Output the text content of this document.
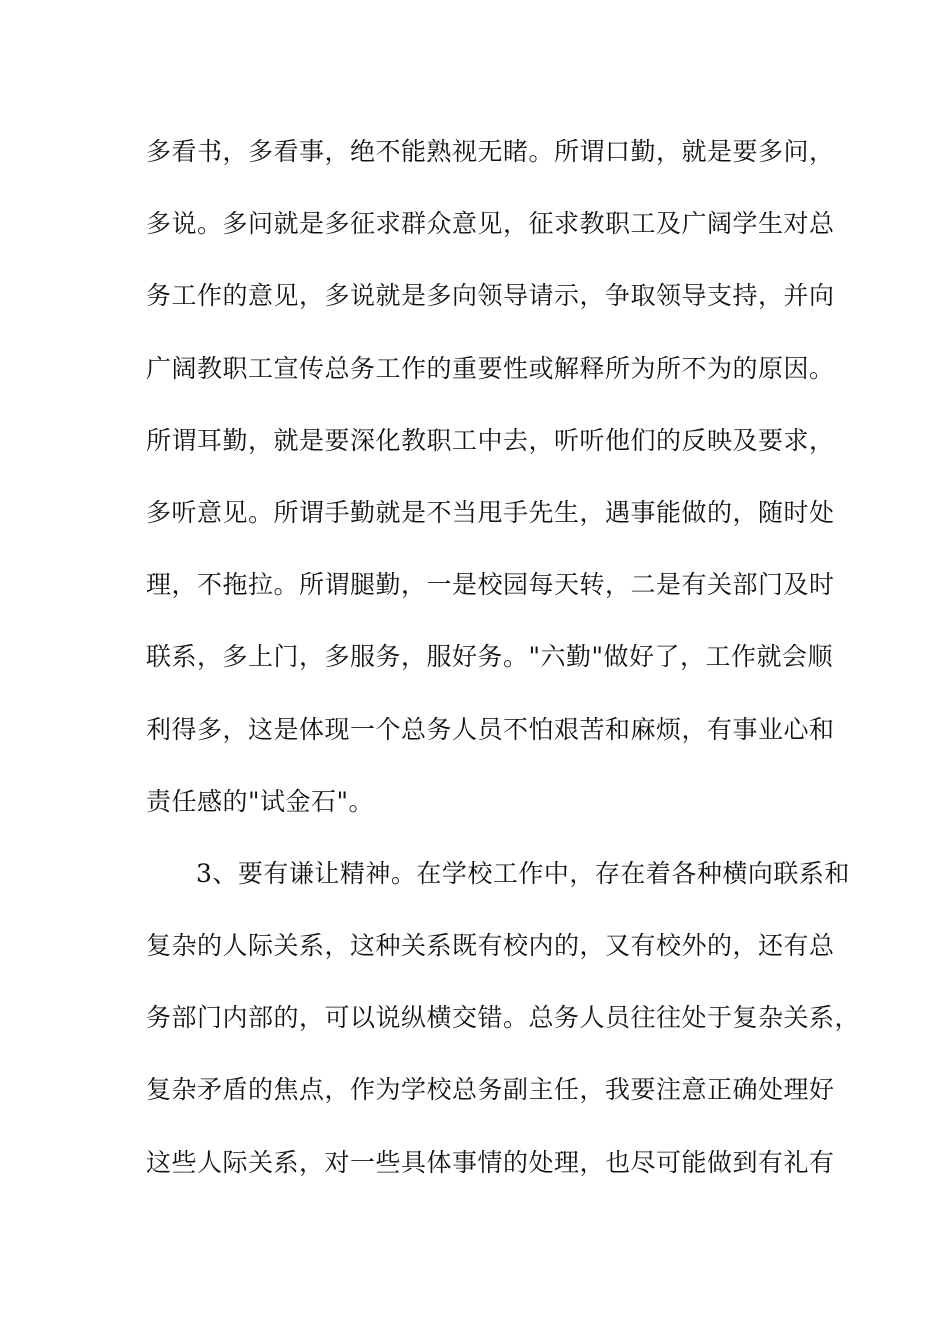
多看书，多看事，绝不能熟视无睹。所谓口勤，就是要多问，
多说。多问就是多征求群众意见，征求教职工及广阔学生对总
务工作的意见，多说就是多向领导请示，争取领导支持，并向
广阔教职工宣传总务工作的重要性或解释所为所不为的原因。
所谓耳勤，就是要深化教职工中去，听听他们的反映及要求，
多听意见。所谓手勤就是不当甩手先生，遇事能做的，随时处
理，不拖拉。所谓腿勤，一是校园每天转，二是有关部门及时
联系，多上门，多服务，服好务。"六勤"做好了，工作就会顺
利得多，这是体现一个总务人员不怕艰苦和麻烦，有事业心和
责任感的"试金石"。
3、要有谦让精神。在学校工作中，存在着各种横向联系和
复杂的人际关系，这种关系既有校内的，又有校外的，还有总
务部门内部的，可以说纵横交错。总务人员往往处于复杂关系，
复杂矛盾的焦点，作为学校总务副主任，我要注意正确处理好
这些人际关系，对一些具体事情的处理，也尽可能做到有礼有
